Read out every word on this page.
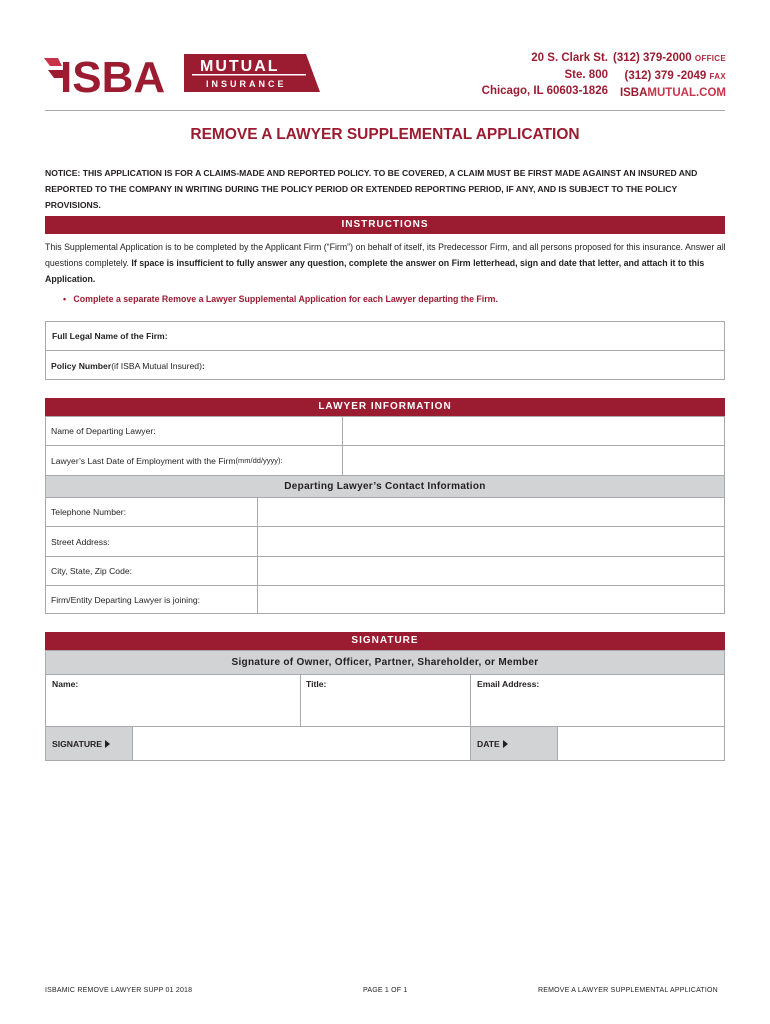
ISBA MUTUAL
INSURANCE
20 S. Clark St.
Ste. 800
Chicago, IL 60603-1826
(312) 379-2000 OFFICE
(312) 379 -2049 FAX
ISBAMUTUAL.COM
REMOVE A LAWYER SUPPLEMENTAL APPLICATION
NOTICE: THIS APPLICATION IS FOR A CLAIMS-MADE AND REPORTED POLICY. TO BE COVERED, A CLAIM MUST BE FIRST MADE AGAINST AN INSURED AND REPORTED TO THE COMPANY IN WRITING DURING THE POLICY PERIOD OR EXTENDED REPORTING PERIOD, IF ANY, AND IS SUBJECT TO THE POLICY PROVISIONS.
INSTRUCTIONS
This Supplemental Application is to be completed by the Applicant Firm (“Firm”) on behalf of itself, its Predecessor Firm, and all persons proposed for this insurance. Answer all questions completely. If space is insufficient to fully answer any question, complete the answer on Firm letterhead, sign and date that letter, and attach it to this Application.
•   Complete a separate Remove a Lawyer Supplemental Application for each Lawyer departing the Firm.
Full Legal Name of the Firm:
Policy Number (if ISBA Mutual Insured) :
LAWYER INFORMATION
Name of Departing Lawyer:
Lawyer’s Last Date of Employment with the Firm (mm/dd/yyyy):
Departing Lawyer’s Contact Information
Telephone Number:
Street Address:
City, State, Zip Code:
Firm/Entity Departing Lawyer is joining:
SIGNATURE
Signature of Owner, Officer, Partner, Shareholder, or Member
Name:	Title:	Email Address:
SIGNATURE	DATE
ISBAMIC REMOVE LAWYER SUPP 01 2018	PAGE 1 OF 1	REMOVE A LAWYER SUPPLEMENTAL APPLICATION
